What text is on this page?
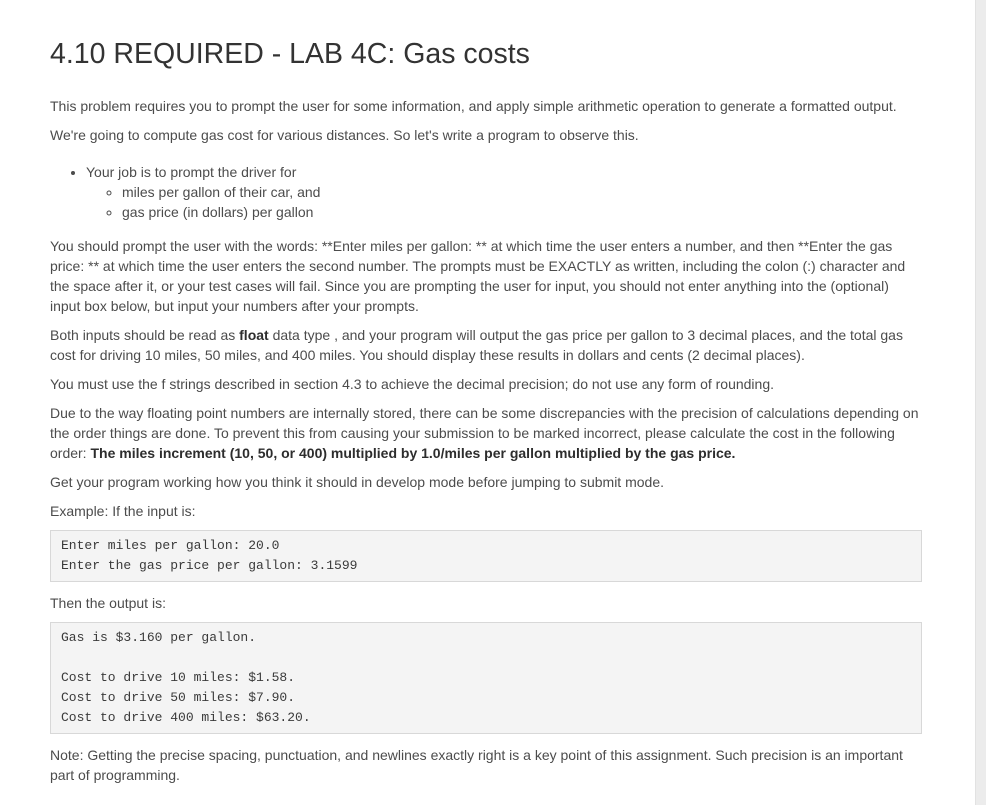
4.10 REQUIRED - LAB 4C: Gas costs

This problem requires you to prompt the user for some information, and apply simple arithmetic operation to generate a formatted output.

We're going to compute gas cost for various distances. So let's write a program to observe this.

• Your job is to prompt the driver for
◦ miles per gallon of their car, and
◦ gas price (in dollars) per gallon

You should prompt the user with the words: **Enter miles per gallon: ** at which time the user enters a number, and then **Enter the gas price: ** at which time the user enters the second number. The prompts must be EXACTLY as written, including the colon (:) character and the space after it, or your test cases will fail. Since you are prompting the user for input, you should not enter anything into the (optional) input box below, but input your numbers after your prompts.

Both inputs should be read as float data type , and your program will output the gas price per gallon to 3 decimal places, and the total gas cost for driving 10 miles, 50 miles, and 400 miles. You should display these results in dollars and cents (2 decimal places).

You must use the f strings described in section 4.3 to achieve the decimal precision; do not use any form of rounding.

Due to the way floating point numbers are internally stored, there can be some discrepancies with the precision of calculations depending on the order things are done. To prevent this from causing your submission to be marked incorrect, please calculate the cost in the following order: The miles increment (10, 50, or 400) multiplied by 1.0/miles per gallon multiplied by the gas price.

Get your program working how you think it should in develop mode before jumping to submit mode.

Example: If the input is:

Enter miles per gallon: 20.0
Enter the gas price per gallon: 3.1599

Then the output is:

Gas is $3.160 per gallon.
Cost to drive 10 miles: $1.58.
Cost to drive 50 miles: $7.90.
Cost to drive 400 miles: $63.20.

Note: Getting the precise spacing, punctuation, and newlines exactly right is a key point of this assignment. Such precision is an important part of programming.
